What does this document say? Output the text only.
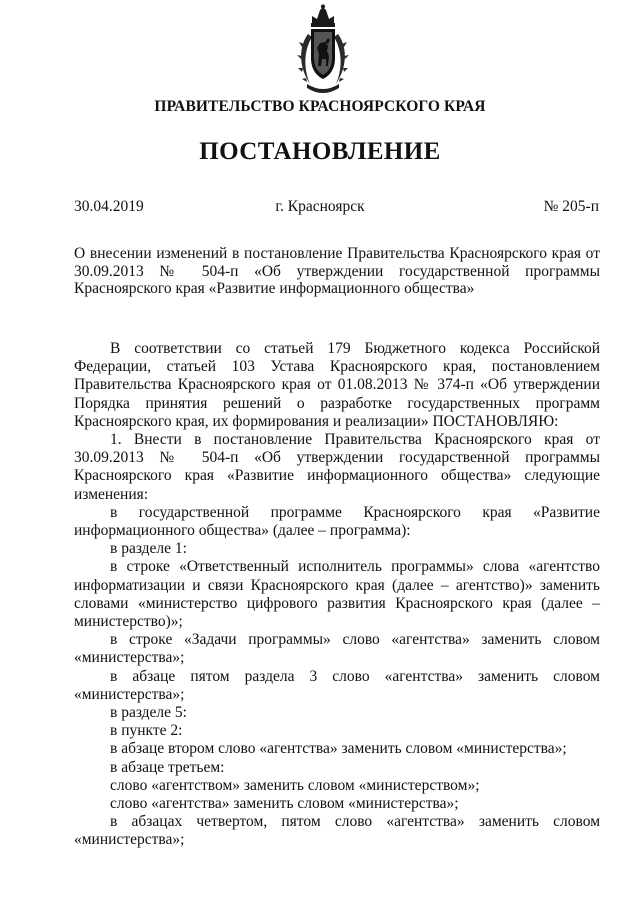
ПРАВИТЕЛЬСТВО КРАСНОЯРСКОГО КРАЯ
ПОСТАНОВЛЕНИЕ
30.04.2019	г. Красноярск	№ 205-п
О внесении изменений в постановление Правительства Красноярского края от 30.09.2013 № 504-п «Об утверждении государственной программы Красноярского края «Развитие информационного общества»

В соответствии со статьей 179 Бюджетного кодекса Российской Федерации, статьей 103 Устава Красноярского края, постановлением Правительства Красноярского края от 01.08.2013 № 374-п «Об утверждении Порядка принятия решений о разработке государственных программ Красноярского края, их формирования и реализации» ПОСТАНОВЛЯЮ:

1. Внести в постановление Правительства Красноярского края от 30.09.2013 № 504-п «Об утверждении государственной программы Красноярского края «Развитие информационного общества» следующие изменения:

в государственной программе Красноярского края «Развитие информационного общества» (далее – программа):

в разделе 1:

в строке «Ответственный исполнитель программы» слова «агентство информатизации и связи Красноярского края (далее – агентство)» заменить словами «министерство цифрового развития Красноярского края (далее – министерство)»;

в строке «Задачи программы» слово «агентства» заменить словом «министерства»;

в абзаце пятом раздела 3 слово «агентства» заменить словом «министерства»;

в разделе 5:

в пункте 2:

в абзаце втором слово «агентства» заменить словом «министерства»;

в абзаце третьем:

слово «агентством» заменить словом «министерством»;

слово «агентства» заменить словом «министерства»;

в абзацах четвертом, пятом слово «агентства» заменить словом «министерства»;
